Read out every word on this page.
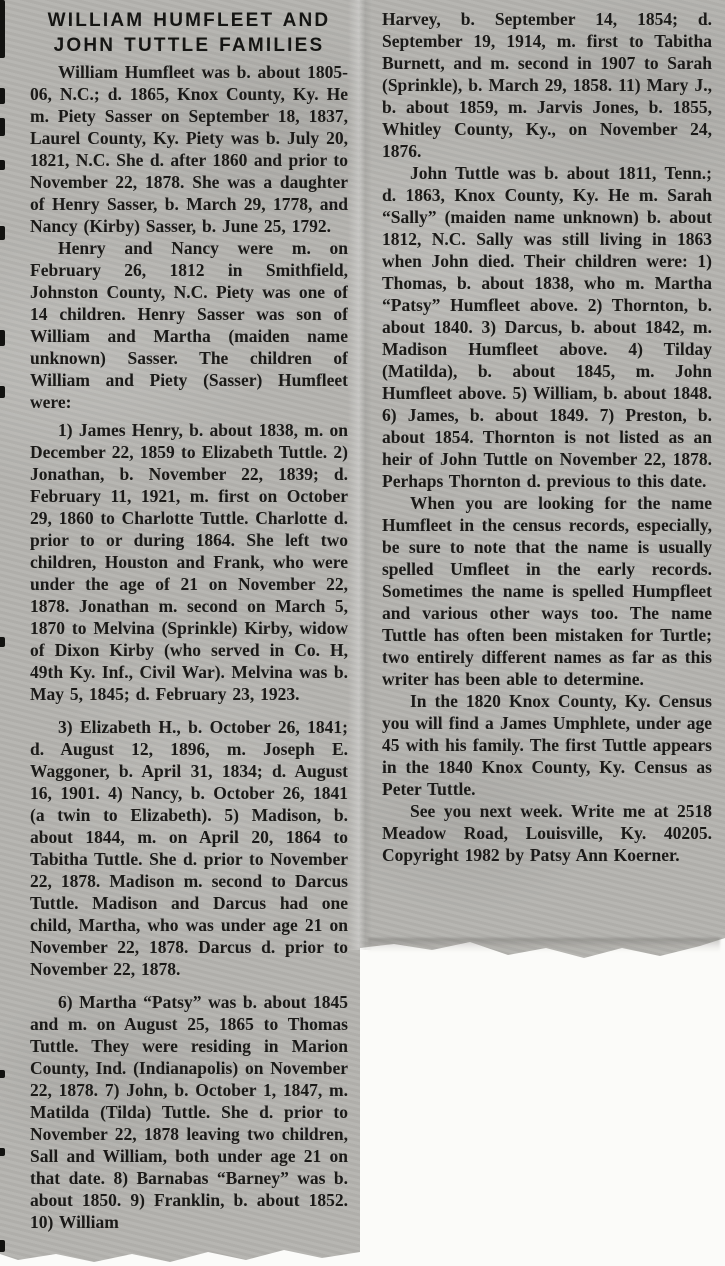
WILLIAM HUMFLEET AND
JOHN TUTTLE FAMILIES

William Humfleet was b. about 1805-06, N.C.; d. 1865, Knox County, Ky. He m. Piety Sasser on September 18, 1837, Laurel County, Ky. Piety was b. July 20, 1821, N.C. She d. after 1860 and prior to November 22, 1878. She was a daughter of Henry Sasser, b. March 29, 1778, and Nancy (Kirby) Sasser, b. June 25, 1792.

Henry and Nancy were m. on February 26, 1812 in Smithfield, Johnston County, N.C. Piety was one of 14 children. Henry Sasser was son of William and Martha (maiden name unknown) Sasser. The children of William and Piety (Sasser) Humfleet were:

1) James Henry, b. about 1838, m. on December 22, 1859 to Elizabeth Tuttle. 2) Jonathan, b. November 22, 1839; d. February 11, 1921, m. first on October 29, 1860 to Charlotte Tuttle. Charlotte d. prior to or during 1864. She left two children, Houston and Frank, who were under the age of 21 on November 22, 1878. Jonathan m. second on March 5, 1870 to Melvina (Sprinkle) Kirby, widow of Dixon Kirby (who served in Co. H, 49th Ky. Inf., Civil War). Melvina was b. May 5, 1845; d. February 23, 1923.

3) Elizabeth H., b. October 26, 1841; d. August 12, 1896, m. Joseph E. Waggoner, b. April 31, 1834; d. August 16, 1901. 4) Nancy, b. October 26, 1841 (a twin to Elizabeth). 5) Madison, b. about 1844, m. on April 20, 1864 to Tabitha Tuttle. She d. prior to November 22, 1878. Madison m. second to Darcus Tuttle. Madison and Darcus had one child, Martha, who was under age 21 on November 22, 1878. Darcus d. prior to November 22, 1878.

6) Martha “Patsy” was b. about 1845 and m. on August 25, 1865 to Thomas Tuttle. They were residing in Marion County, Ind. (Indianapolis) on November 22, 1878. 7) John, b. October 1, 1847, m. Matilda (Tilda) Tuttle. She d. prior to November 22, 1878 leaving two children, Sall and William, both under age 21 on that date. 8) Barnabas “Barney” was b. about 1850. 9) Franklin, b. about 1852. 10) William

Harvey, b. September 14, 1854; d. September 19, 1914, m. first to Tabitha Burnett, and m. second in 1907 to Sarah (Sprinkle), b. March 29, 1858. 11) Mary J., b. about 1859, m. Jarvis Jones, b. 1855, Whitley County, Ky., on November 24, 1876.

John Tuttle was b. about 1811, Tenn.; d. 1863, Knox County, Ky. He m. Sarah “Sally” (maiden name unknown) b. about 1812, N.C. Sally was still living in 1863 when John died. Their children were: 1) Thomas, b. about 1838, who m. Martha “Patsy” Humfleet above. 2) Thornton, b. about 1840. 3) Darcus, b. about 1842, m. Madison Humfleet above. 4) Tilday (Matilda), b. about 1845, m. John Humfleet above. 5) William, b. about 1848. 6) James, b. about 1849. 7) Preston, b. about 1854. Thornton is not listed as an heir of John Tuttle on November 22, 1878. Perhaps Thornton d. previous to this date.

When you are looking for the name Humfleet in the census records, especially, be sure to note that the name is usually spelled Umfleet in the early records. Sometimes the name is spelled Humpfleet and various other ways too. The name Tuttle has often been mistaken for Turtle; two entirely different names as far as this writer has been able to determine.

In the 1820 Knox County, Ky. Census you will find a James Umphlete, under age 45 with his family. The first Tuttle appears in the 1840 Knox County, Ky. Census as Peter Tuttle.

See you next week. Write me at 2518 Meadow Road, Louisville, Ky. 40205. Copyright 1982 by Patsy Ann Koerner.
